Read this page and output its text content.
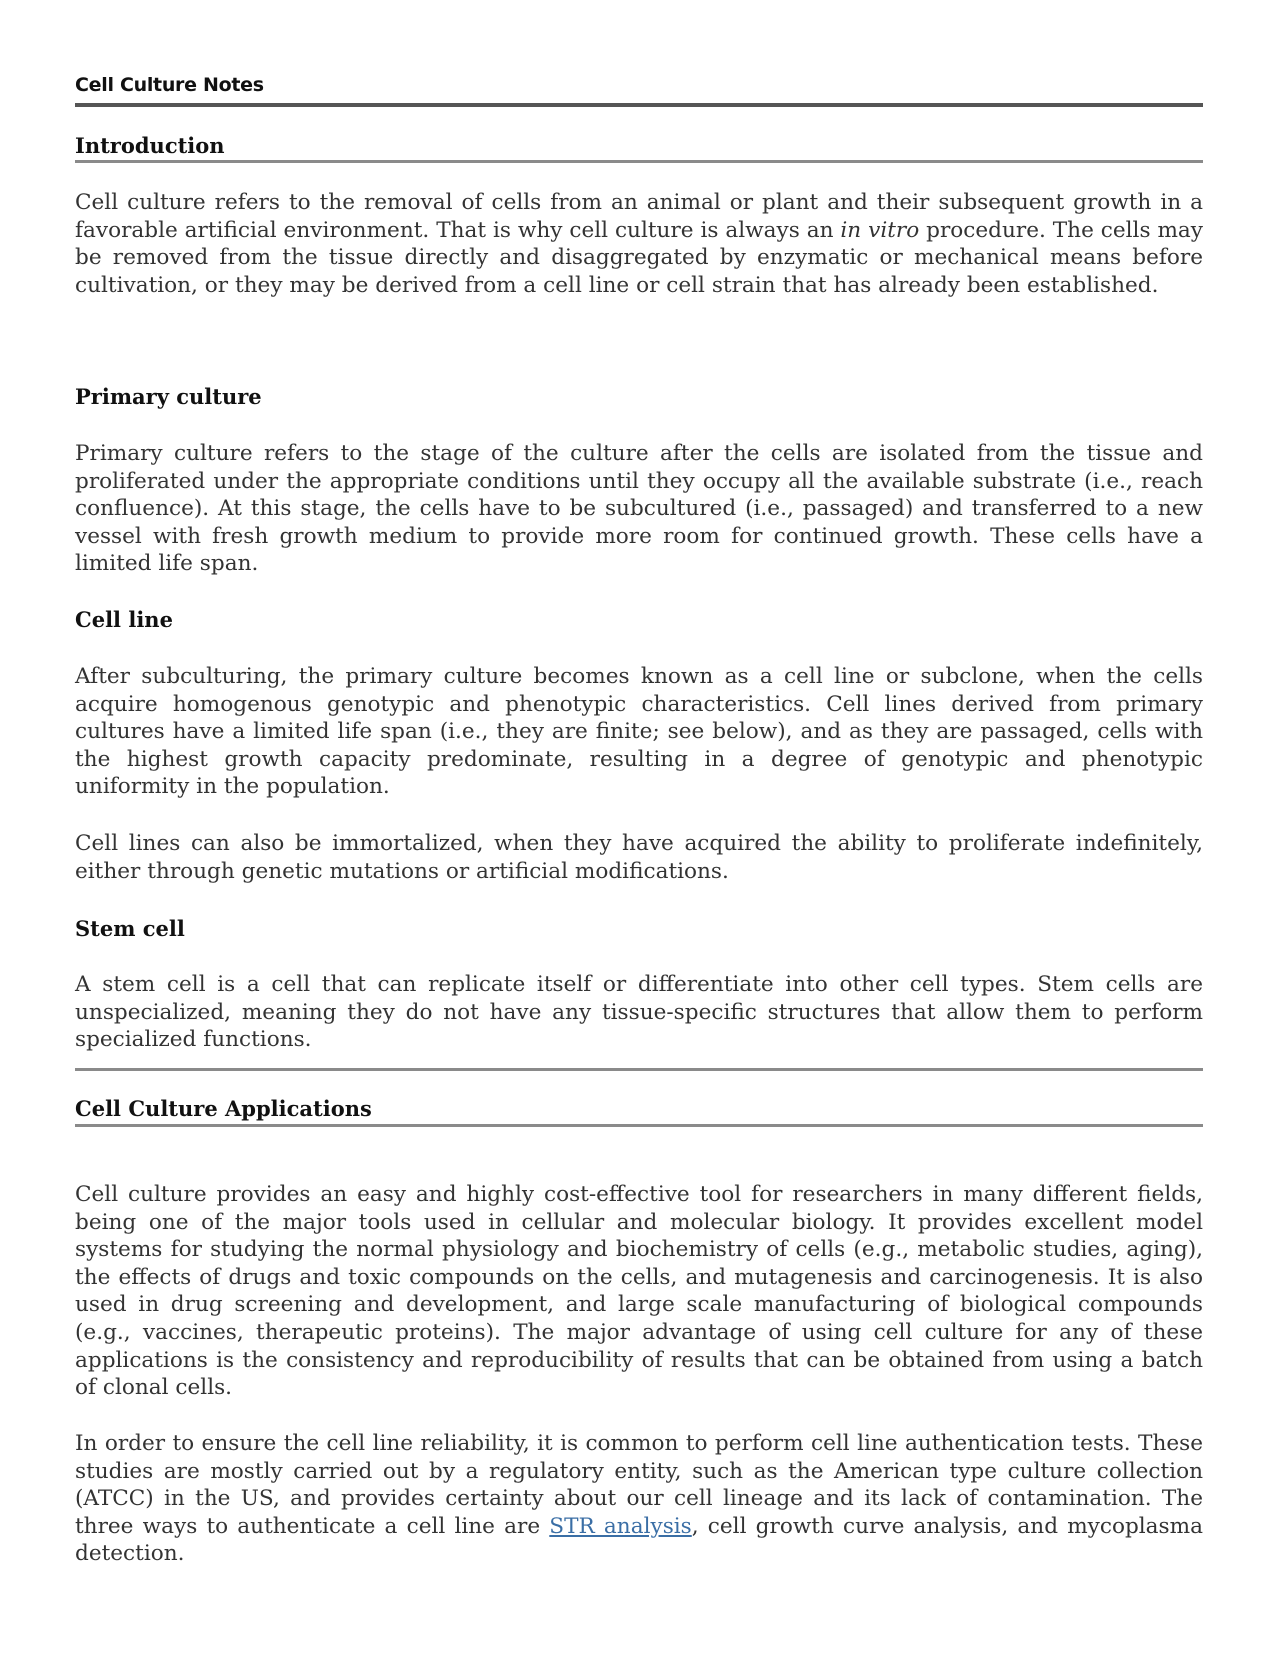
Cell Culture Notes
Introduction

Cell culture refers to the removal of cells from an animal or plant and their subsequent growth in a favorable artificial environment. That is why cell culture is always an in vitro procedure. The cells may be removed from the tissue directly and disaggregated by enzymatic or mechanical means before cultivation, or they may be derived from a cell line or cell strain that has already been established.

Primary culture

Primary culture refers to the stage of the culture after the cells are isolated from the tissue and proliferated under the appropriate conditions until they occupy all the available substrate (i.e., reach confluence). At this stage, the cells have to be subcultured (i.e., passaged) and transferred to a new vessel with fresh growth medium to provide more room for continued growth. These cells have a limited life span.

Cell line

After subculturing, the primary culture becomes known as a cell line or subclone, when the cells acquire homogenous genotypic and phenotypic characteristics. Cell lines derived from primary cultures have a limited life span (i.e., they are finite; see below), and as they are passaged, cells with the highest growth capacity predominate, resulting in a degree of genotypic and phenotypic uniformity in the population.

Cell lines can also be immortalized, when they have acquired the ability to proliferate indefinitely, either through genetic mutations or artificial modifications.

Stem cell

A stem cell is a cell that can replicate itself or differentiate into other cell types. Stem cells are unspecialized, meaning they do not have any tissue-specific structures that allow them to perform specialized functions.

Cell Culture Applications

Cell culture provides an easy and highly cost-effective tool for researchers in many different fields, being one of the major tools used in cellular and molecular biology. It provides excellent model systems for studying the normal physiology and biochemistry of cells (e.g., metabolic studies, aging), the effects of drugs and toxic compounds on the cells, and mutagenesis and carcinogenesis. It is also used in drug screening and development, and large scale manufacturing of biological compounds (e.g., vaccines, therapeutic proteins). The major advantage of using cell culture for any of these applications is the consistency and reproducibility of results that can be obtained from using a batch of clonal cells.

In order to ensure the cell line reliability, it is common to perform cell line authentication tests. These studies are mostly carried out by a regulatory entity, such as the American type culture collection (ATCC) in the US, and provides certainty about our cell lineage and its lack of contamination. The three ways to authenticate a cell line are STR analysis, cell growth curve analysis, and mycoplasma detection.
